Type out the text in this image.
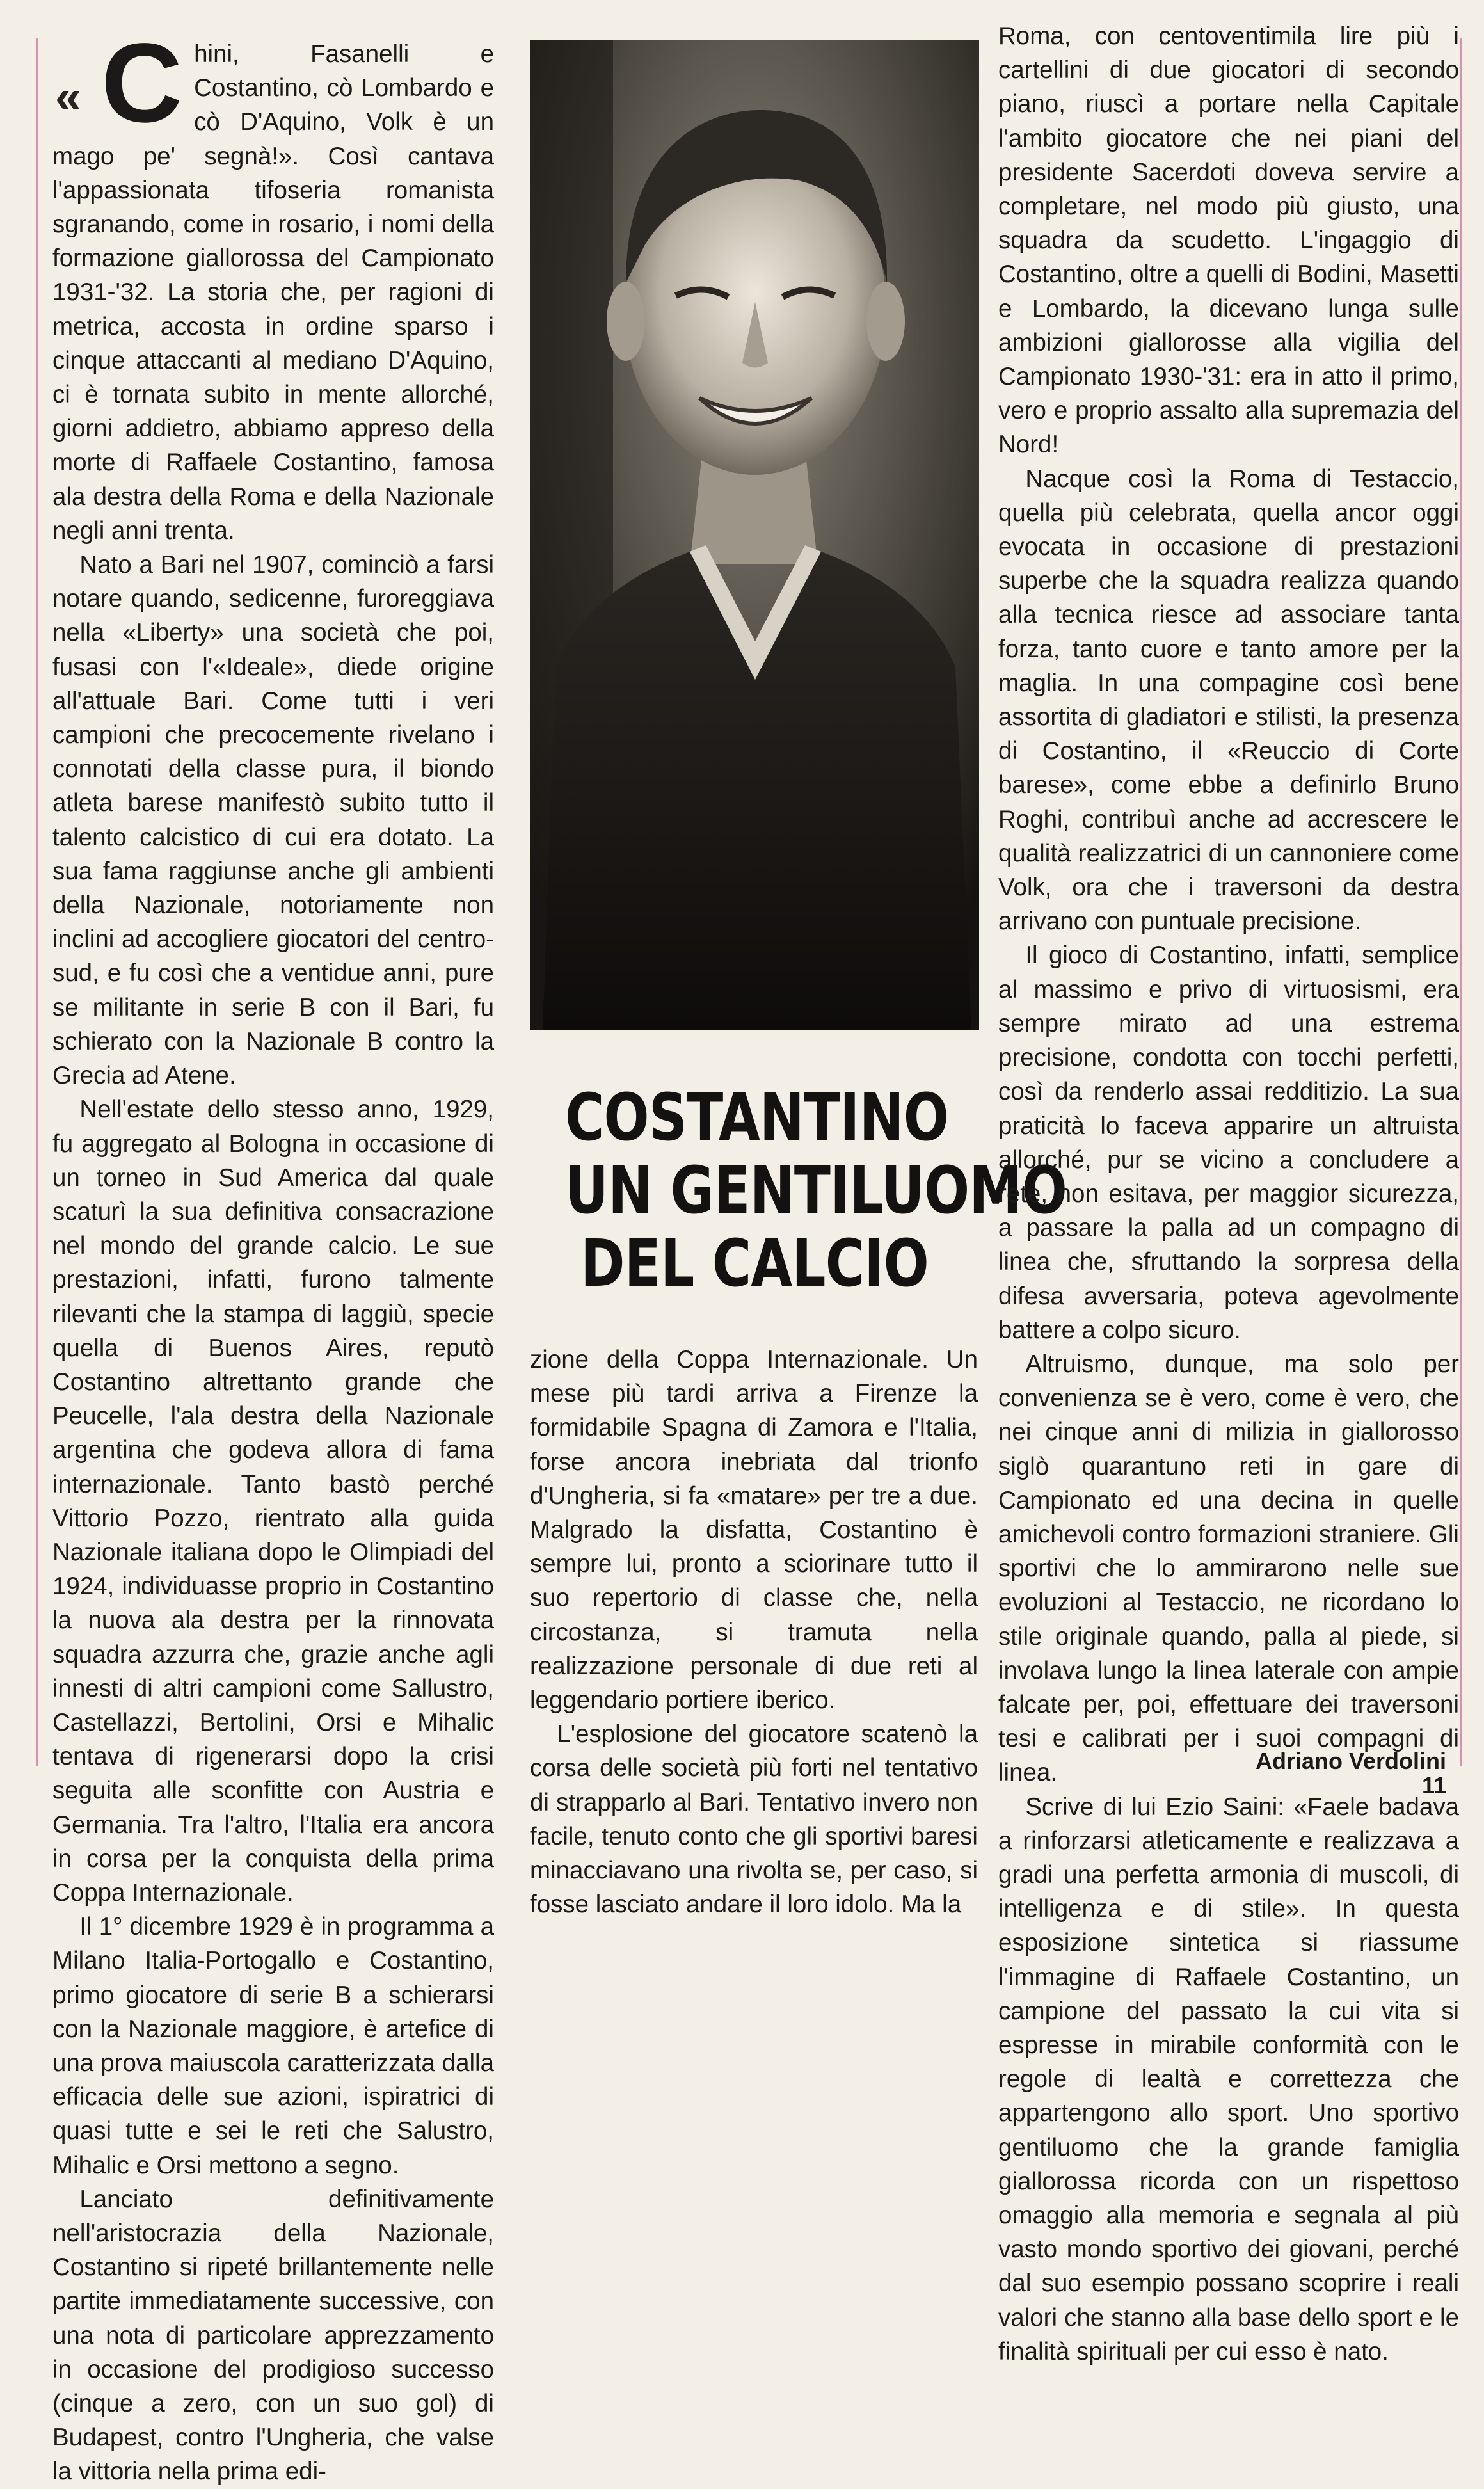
« C hini, Fasanelli e Costantino, cò Lombardo e cò D'Aquino, Volk è un mago pe' segnà!». Così cantava l'appassionata tifoseria romanista sgranando, come in rosario, i nomi della formazione giallorossa del Campionato 1931-'32. La storia che, per ragioni di metrica, accosta in ordine sparso i cinque attaccanti al mediano D'Aquino, ci è tornata subito in mente allorché, giorni addietro, abbiamo appreso della morte di Raffaele Costantino, famosa ala destra della Roma e della Nazionale negli anni trenta.

Nato a Bari nel 1907, cominciò a farsi notare quando, sedicenne, furoreggiava nella «Liberty» una società che poi, fusasi con l'«Ideale», diede origine all'attuale Bari. Come tutti i veri campioni che precocemente rivelano i connotati della classe pura, il biondo atleta barese manifestò subito tutto il talento calcistico di cui era dotato. La sua fama raggiunse anche gli ambienti della Nazionale, notoriamente non inclini ad accogliere giocatori del centro-sud, e fu così che a ventidue anni, pure se militante in serie B con il Bari, fu schierato con la Nazionale B contro la Grecia ad Atene.

Nell'estate dello stesso anno, 1929, fu aggregato al Bologna in occasione di un torneo in Sud America dal quale scaturì la sua definitiva consacrazione nel mondo del grande calcio. Le sue prestazioni, infatti, furono talmente rilevanti che la stampa di laggiù, specie quella di Buenos Aires, reputò Costantino altrettanto grande che Peucelle, l'ala destra della Nazionale argentina che godeva allora di fama internazionale. Tanto bastò perché Vittorio Pozzo, rientrato alla guida Nazionale italiana dopo le Olimpiadi del 1924, individuasse proprio in Costantino la nuova ala destra per la rinnovata squadra azzurra che, grazie anche agli innesti di altri campioni come Sallustro, Castellazzi, Bertolini, Orsi e Mihalic tentava di rigenerarsi dopo la crisi seguita alle sconfitte con Austria e Germania. Tra l'altro, l'Italia era ancora in corsa per la conquista della prima Coppa Internazionale.

Il 1° dicembre 1929 è in programma a Milano Italia-Portogallo e Costantino, primo giocatore di serie B a schierarsi con la Nazionale maggiore, è artefice di una prova maiuscola caratterizzata dalla efficacia delle sue azioni, ispiratrici di quasi tutte e sei le reti che Salustro, Mihalic e Orsi mettono a segno.

Lanciato definitivamente nell'aristocrazia della Nazionale, Costantino si ripeté brillantemente nelle partite immediatamente successive, con una nota di particolare apprezzamento in occasione del prodigioso successo (cinque a zero, con un suo gol) di Budapest, contro l'Ungheria, che valse la vittoria nella prima edi-

COSTANTINO
UN GENTILUOMO
DEL CALCIO

zione della Coppa Internazionale. Un mese più tardi arriva a Firenze la formidabile Spagna di Zamora e l'Italia, forse ancora inebriata dal trionfo d'Ungheria, si fa «matare» per tre a due. Malgrado la disfatta, Costantino è sempre lui, pronto a sciorinare tutto il suo repertorio di classe che, nella circostanza, si tramuta nella realizzazione personale di due reti al leggendario portiere iberico.

L'esplosione del giocatore scatenò la corsa delle società più forti nel tentativo di strapparlo al Bari. Tentativo invero non facile, tenuto conto che gli sportivi baresi minacciavano una rivolta se, per caso, si fosse lasciato andare il loro idolo. Ma la

Roma, con centoventimila lire più i cartellini di due giocatori di secondo piano, riuscì a portare nella Capitale l'ambito giocatore che nei piani del presidente Sacerdoti doveva servire a completare, nel modo più giusto, una squadra da scudetto. L'ingaggio di Costantino, oltre a quelli di Bodini, Masetti e Lombardo, la dicevano lunga sulle ambizioni giallorosse alla vigilia del Campionato 1930-'31: era in atto il primo, vero e proprio assalto alla supremazia del Nord!

Nacque così la Roma di Testaccio, quella più celebrata, quella ancor oggi evocata in occasione di prestazioni superbe che la squadra realizza quando alla tecnica riesce ad associare tanta forza, tanto cuore e tanto amore per la maglia. In una compagine così bene assortita di gladiatori e stilisti, la presenza di Costantino, il «Reuccio di Corte barese», come ebbe a definirlo Bruno Roghi, contribuì anche ad accrescere le qualità realizzatrici di un cannoniere come Volk, ora che i traversoni da destra arrivano con puntuale precisione.

Il gioco di Costantino, infatti, semplice al massimo e privo di virtuosismi, era sempre mirato ad una estrema precisione, condotta con tocchi perfetti, così da renderlo assai redditizio. La sua praticità lo faceva apparire un altruista allorché, pur se vicino a concludere a rete, non esitava, per maggior sicurezza, a passare la palla ad un compagno di linea che, sfruttando la sorpresa della difesa avversaria, poteva agevolmente battere a colpo sicuro.

Altruismo, dunque, ma solo per convenienza se è vero, come è vero, che nei cinque anni di milizia in giallorosso siglò quarantuno reti in gare di Campionato ed una decina in quelle amichevoli contro formazioni straniere. Gli sportivi che lo ammirarono nelle sue evoluzioni al Testaccio, ne ricordano lo stile originale quando, palla al piede, si involava lungo la linea laterale con ampie falcate per, poi, effettuare dei traversoni tesi e calibrati per i suoi compagni di linea.

Scrive di lui Ezio Saini: «Faele badava a rinforzarsi atleticamente e realizzava a gradi una perfetta armonia di muscoli, di intelligenza e di stile». In questa esposizione sintetica si riassume l'immagine di Raffaele Costantino, un campione del passato la cui vita si espresse in mirabile conformità con le regole di lealtà e correttezza che appartengono allo sport. Uno sportivo gentiluomo che la grande famiglia giallorossa ricorda con un rispettoso omaggio alla memoria e segnala al più vasto mondo sportivo dei giovani, perché dal suo esempio possano scoprire i reali valori che stanno alla base dello sport e le finalità spirituali per cui esso è nato.

Adriano Verdolini
11
